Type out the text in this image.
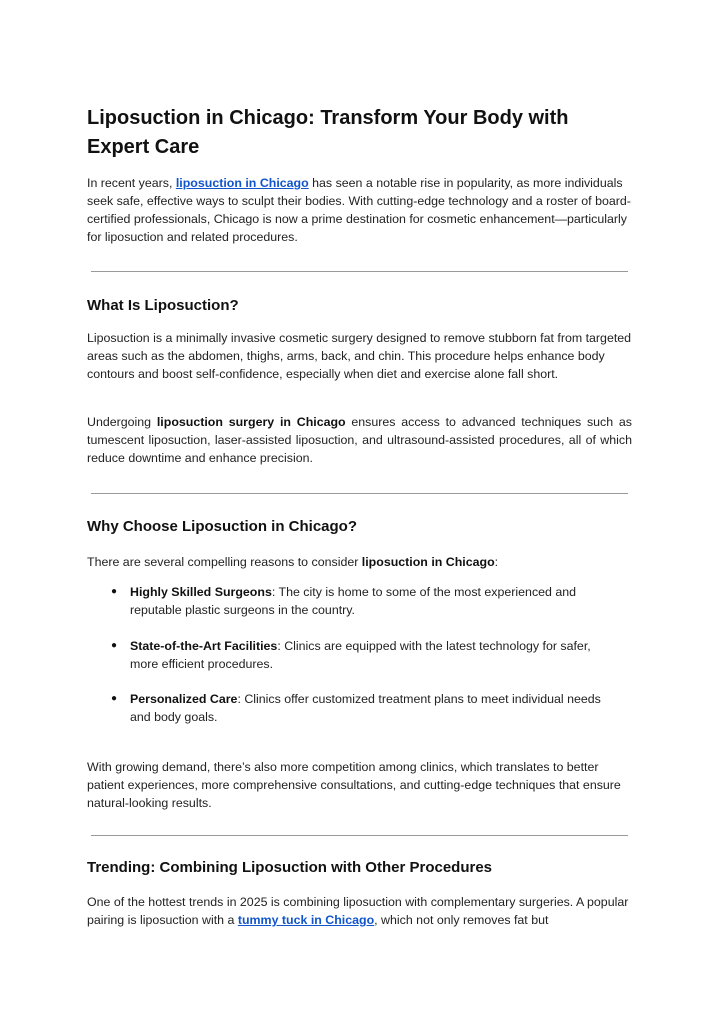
Liposuction in Chicago: Transform Your Body with Expert Care

In recent years, liposuction in Chicago has seen a notable rise in popularity, as more individuals seek safe, effective ways to sculpt their bodies. With cutting-edge technology and a roster of board-certified professionals, Chicago is now a prime destination for cosmetic enhancement—particularly for liposuction and related procedures.

What Is Liposuction?

Liposuction is a minimally invasive cosmetic surgery designed to remove stubborn fat from targeted areas such as the abdomen, thighs, arms, back, and chin. This procedure helps enhance body contours and boost self-confidence, especially when diet and exercise alone fall short.

Undergoing liposuction surgery in Chicago ensures access to advanced techniques such as tumescent liposuction, laser-assisted liposuction, and ultrasound-assisted procedures, all of which reduce downtime and enhance precision.

Why Choose Liposuction in Chicago?

There are several compelling reasons to consider liposuction in Chicago:

● Highly Skilled Surgeons: The city is home to some of the most experienced and reputable plastic surgeons in the country.
● State-of-the-Art Facilities: Clinics are equipped with the latest technology for safer, more efficient procedures.
● Personalized Care: Clinics offer customized treatment plans to meet individual needs and body goals.

With growing demand, there’s also more competition among clinics, which translates to better patient experiences, more comprehensive consultations, and cutting-edge techniques that ensure natural-looking results.

Trending: Combining Liposuction with Other Procedures

One of the hottest trends in 2025 is combining liposuction with complementary surgeries. A popular pairing is liposuction with a tummy tuck in Chicago, which not only removes fat but
